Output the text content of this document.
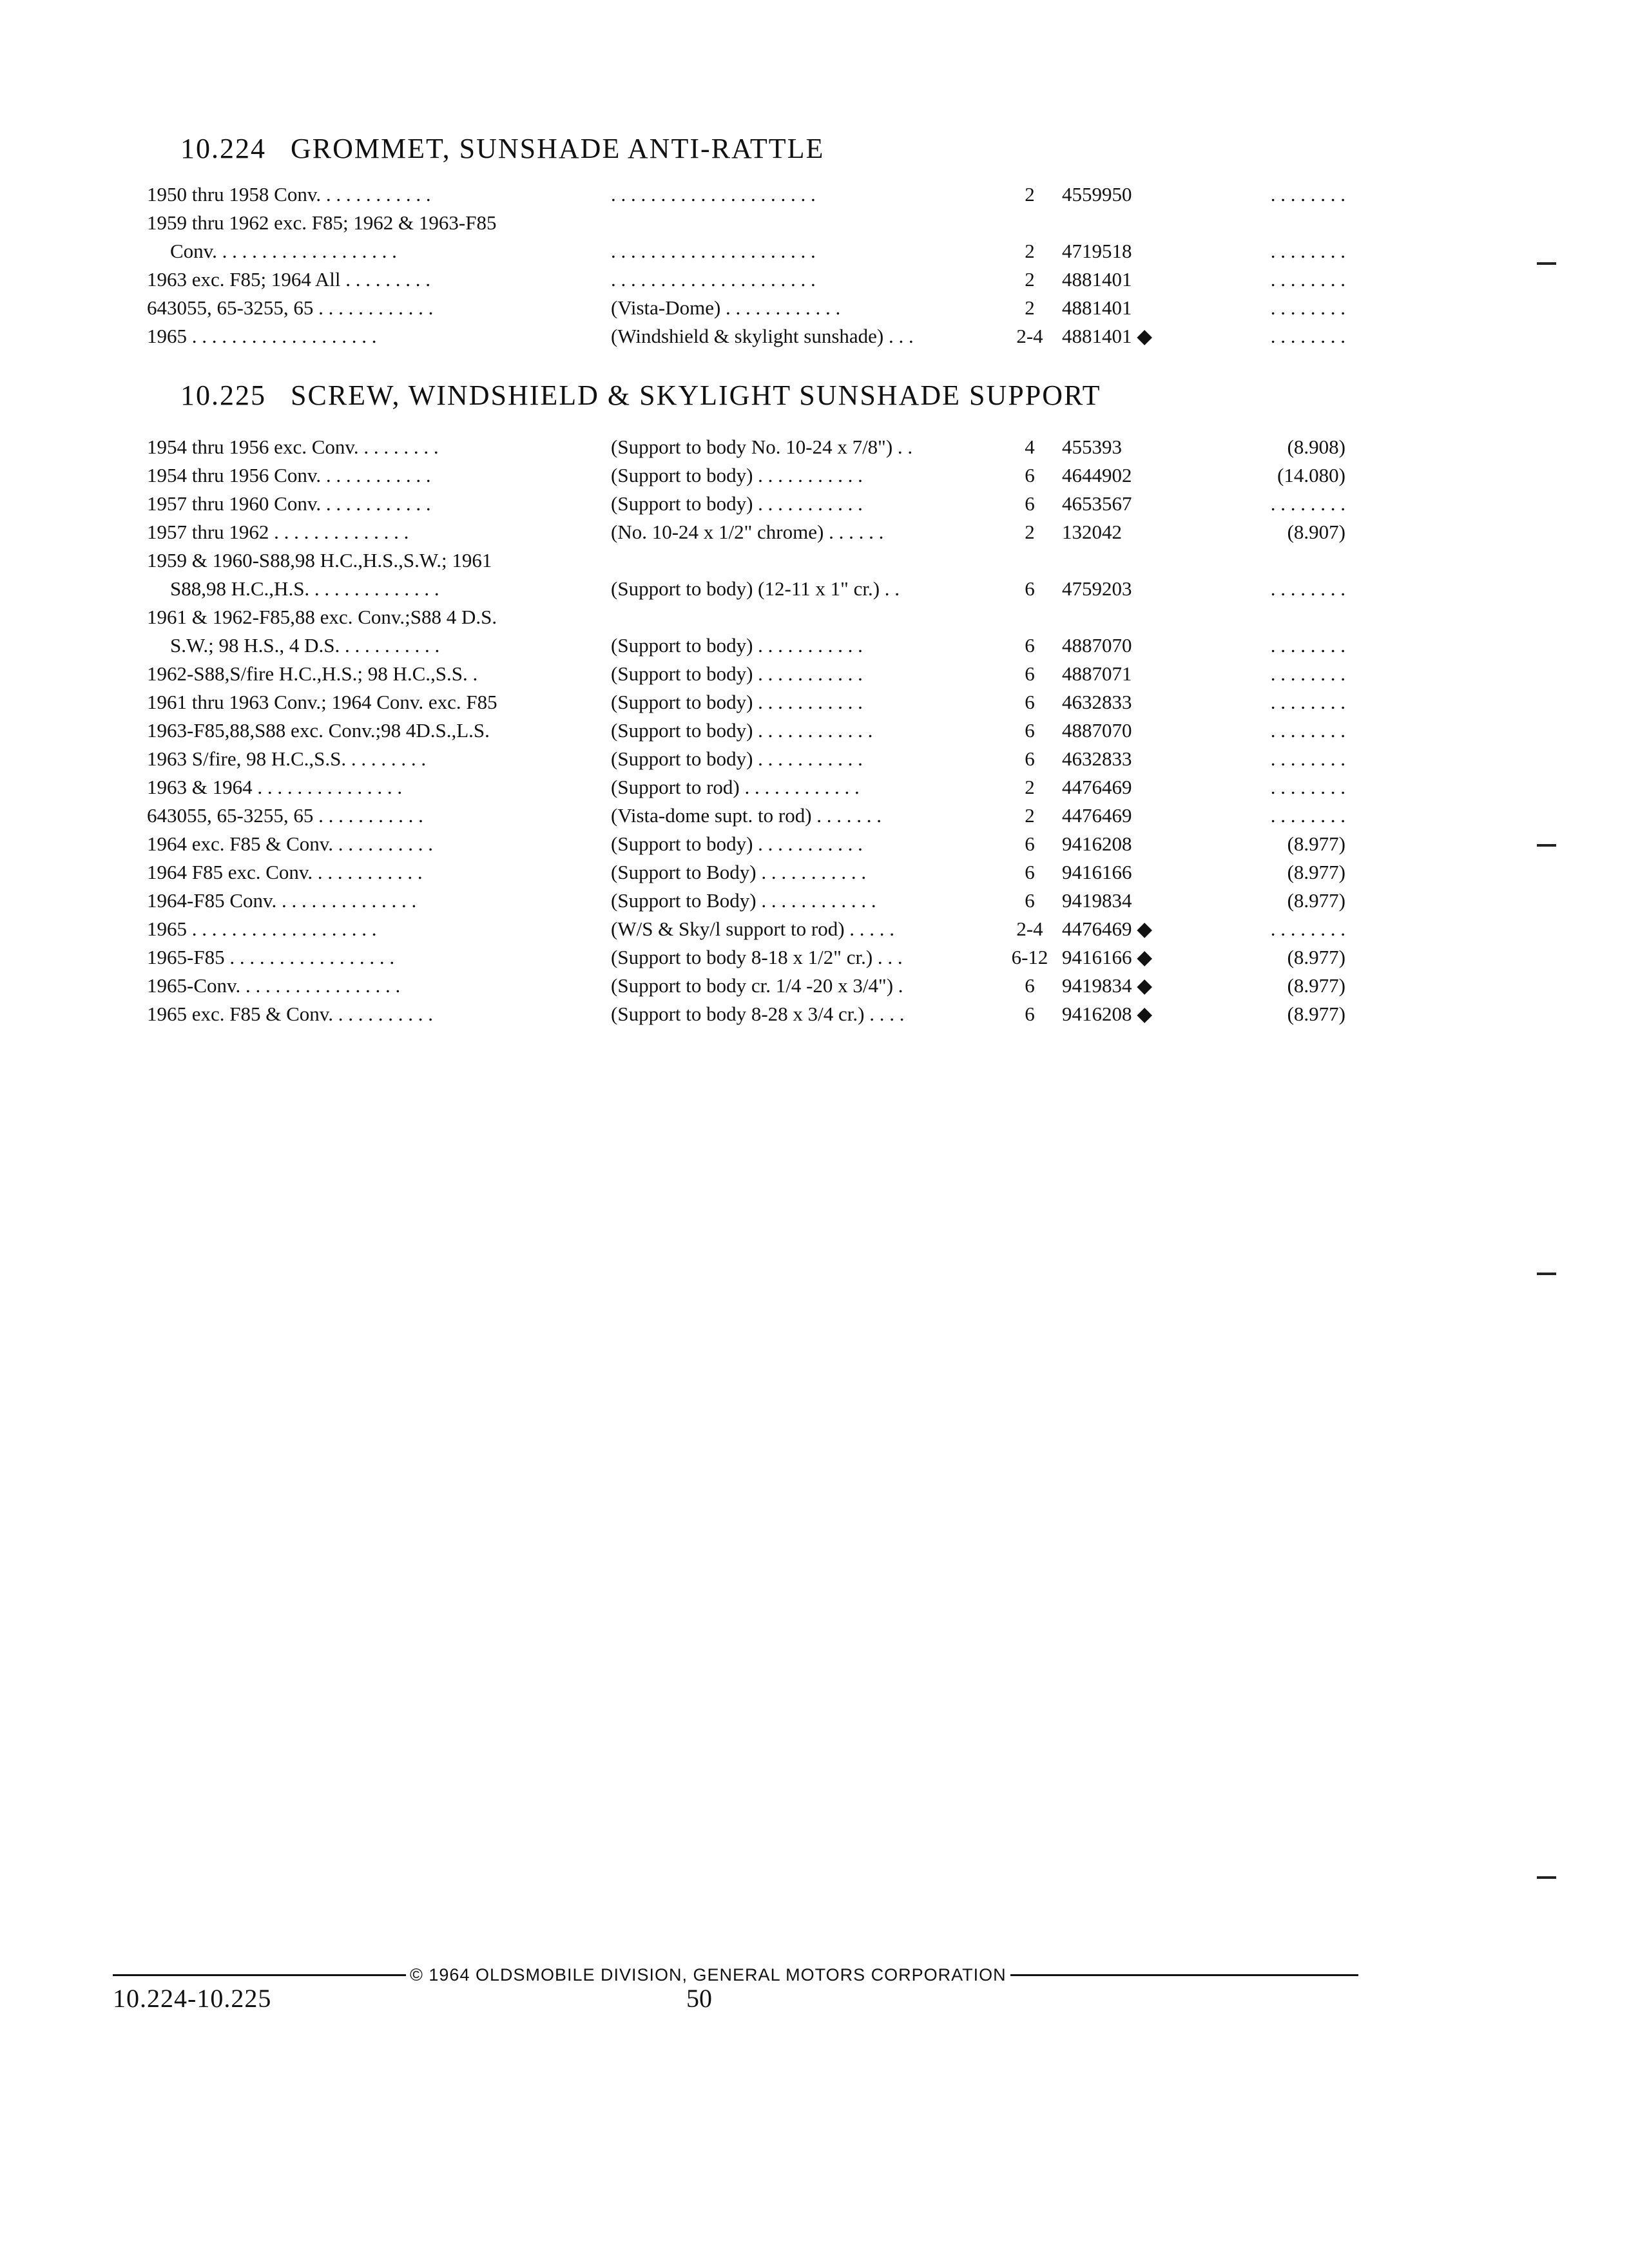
10.224 GROMMET, SUNSHADE ANTI-RATTLE
1950 thru 1958 Conv. . . . . . . . . . . .	. . . . . . . . . . . . . . . . . . . . .	2	4559950	. . . . . . . .
1959 thru 1962 exc. F85; 1962 & 1963-F85
Conv. . . . . . . . . . . . . . . . . . .	. . . . . . . . . . . . . . . . . . . . .	2	4719518	. . . . . . . .
1963 exc. F85; 1964 All . . . . . . . . .	. . . . . . . . . . . . . . . . . . . . .	2	4881401	. . . . . . . .
643055, 65-3255, 65 . . . . . . . . . . . .	(Vista-Dome) . . . . . . . . . . . .	2	4881401	. . . . . . . .
1965 . . . . . . . . . . . . . . . . . . .	(Windshield & skylight sunshade) . . .	2-4 4881401 ◆	. . . . . . . .
10.225 SCREW, WINDSHIELD & SKYLIGHT SUNSHADE SUPPORT
1954 thru 1956 exc. Conv. . . . . . . . .	(Support to body No. 10-24 x 7/8") . .	4	455393	(8.908)
1954 thru 1956 Conv. . . . . . . . . . . .	(Support to body) . . . . . . . . . . .	6	4644902	(14.080)
1957 thru 1960 Conv. . . . . . . . . . . .	(Support to body) . . . . . . . . . . .	6	4653567	. . . . . . . .
1957 thru 1962 . . . . . . . . . . . . . .	(No. 10-24 x 1/2" chrome) . . . . . .	2	132042	(8.907)
1959 & 1960-S88,98 H.C.,H.S.,S.W.; 1961
S88,98 H.C.,H.S. . . . . . . . . . . . . .	(Support to body) (12-11 x 1" cr.) . .	6	4759203	. . . . . . . .
1961 & 1962-F85,88 exc. Conv.;S88 4 D.S.
S.W.; 98 H.S., 4 D.S. . . . . . . . . . .	(Support to body) . . . . . . . . . . .	6	4887070	. . . . . . . .
1962-S88,S/fire H.C.,H.S.; 98 H.C.,S.S. .	(Support to body) . . . . . . . . . . .	6	4887071	. . . . . . . .
1961 thru 1963 Conv.; 1964 Conv. exc. F85	(Support to body) . . . . . . . . . . .	6	4632833	. . . . . . . .
1963-F85,88,S88 exc. Conv.;98 4D.S.,L.S.	(Support to body) . . . . . . . . . . . .	6	4887070	. . . . . . . .
1963 S/fire, 98 H.C.,S.S. . . . . . . . .	(Support to body) . . . . . . . . . . .	6	4632833	. . . . . . . .
1963 & 1964 . . . . . . . . . . . . . . .	(Support to rod) . . . . . . . . . . . .	2	4476469	. . . . . . . .
643055, 65-3255, 65 . . . . . . . . . . .	(Vista-dome supt. to rod) . . . . . . .	2	4476469	. . . . . . . .
1964 exc. F85 & Conv. . . . . . . . . . .	(Support to body) . . . . . . . . . . .	6	9416208	(8.977)
1964 F85 exc. Conv. . . . . . . . . . . .	(Support to Body) . . . . . . . . . . .	6	9416166	(8.977)
1964-F85 Conv. . . . . . . . . . . . . . .	(Support to Body) . . . . . . . . . . . .	6	9419834	(8.977)
1965 . . . . . . . . . . . . . . . . . . .	(W/S & Sky/l support to rod) . . . . .	2-4 4476469 ◆	. . . . . . . .
1965-F85 . . . . . . . . . . . . . . . . .	(Support to body 8-18 x 1/2" cr.) . . .	6-12 9416166 ◆	(8.977)
1965-Conv. . . . . . . . . . . . . . . . .	(Support to body cr. 1/4 -20 x 3/4") .	6	9419834 ◆	(8.977)
1965 exc. F85 & Conv. . . . . . . . . . .	(Support to body 8-28 x 3/4 cr.) . . . .	6	9416208 ◆	(8.977)
© 1964 OLDSMOBILE DIVISION, GENERAL MOTORS CORPORATION
10.224-10.225	50
